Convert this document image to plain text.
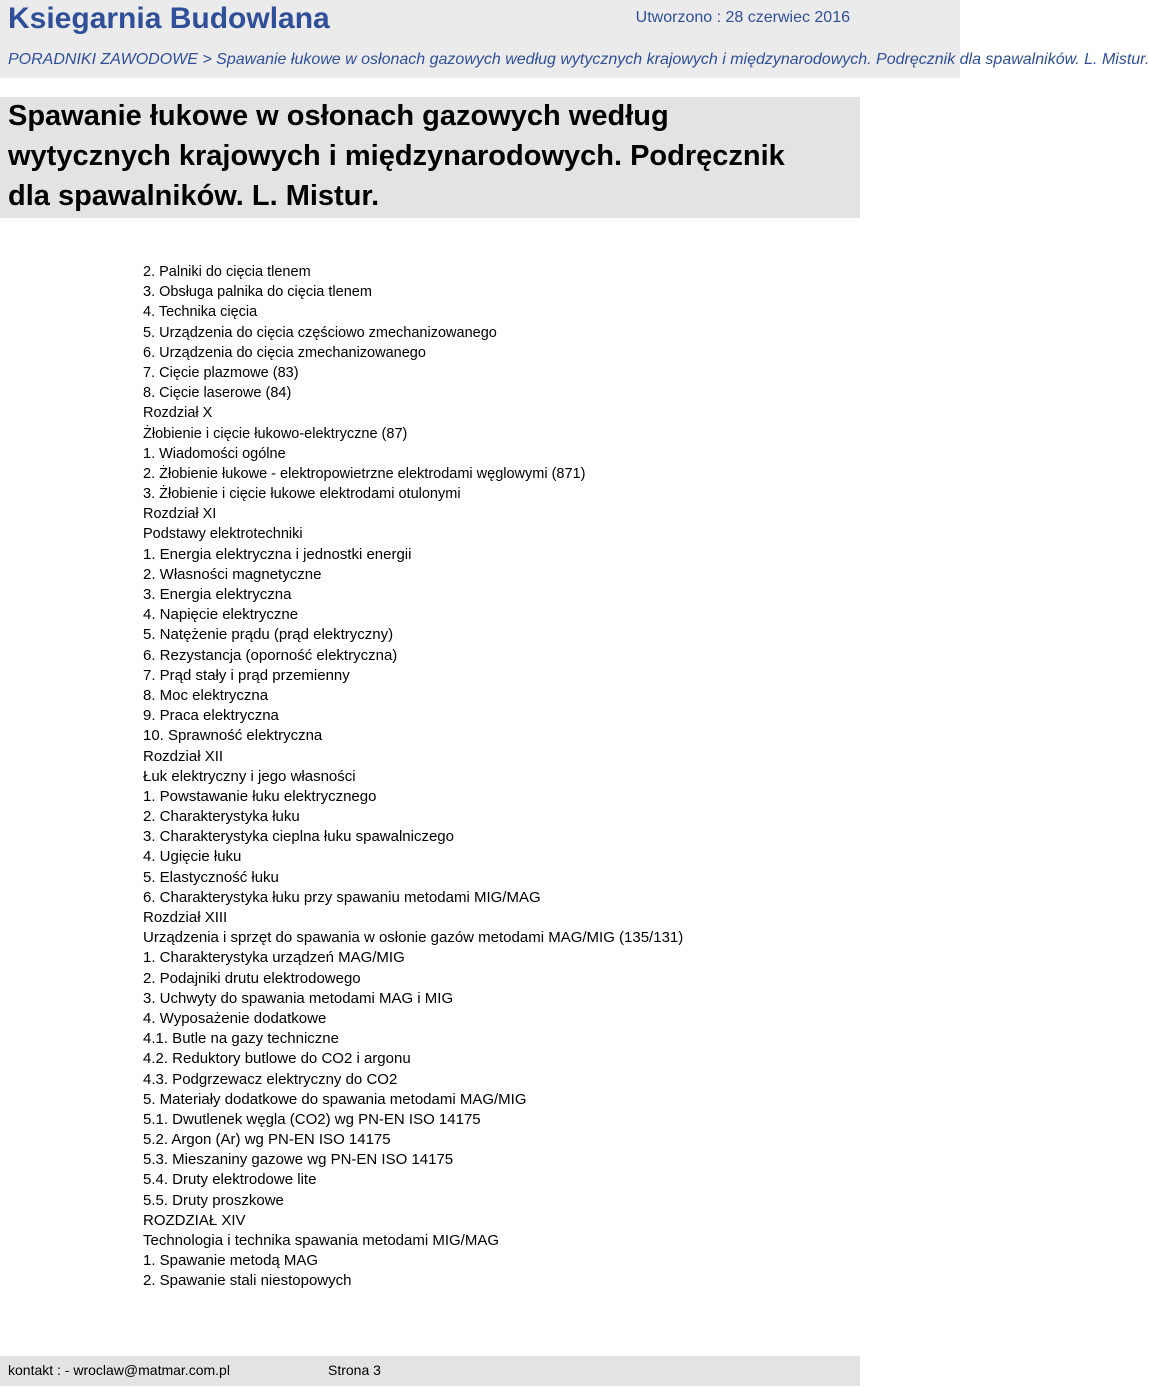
Ksiegarnia Budowlana	Utworzono : 28 czerwiec 2016
PORADNIKI ZAWODOWE > Spawanie łukowe w osłonach gazowych według wytycznych krajowych i międzynarodowych. Podręcznik dla spawalników. L. Mistur.
Spawanie łukowe w osłonach gazowych według wytycznych krajowych i międzynarodowych. Podręcznik dla spawalników. L. Mistur.
2. Palniki do cięcia tlenem
3. Obsługa palnika do cięcia tlenem
4. Technika cięcia
5. Urządzenia do cięcia częściowo zmechanizowanego
6. Urządzenia do cięcia zmechanizowanego
7. Cięcie plazmowe (83)
8. Cięcie laserowe (84)
Rozdział X
Żłobienie i cięcie łukowo-elektryczne (87)
1. Wiadomości ogólne
2. Żłobienie łukowe - elektropowietrzne elektrodami węglowymi (871)
3. Żłobienie i cięcie łukowe elektrodami otulonymi
Rozdział XI
Podstawy elektrotechniki
1. Energia elektryczna i jednostki energii
2. Własności magnetyczne
3. Energia elektryczna
4. Napięcie elektryczne
5. Natężenie prądu (prąd elektryczny)
6. Rezystancja (oporność elektryczna)
7. Prąd stały i prąd przemienny
8. Moc elektryczna
9. Praca elektryczna
10. Sprawność elektryczna
Rozdział XII
Łuk elektryczny i jego własności
1. Powstawanie łuku elektrycznego
2. Charakterystyka łuku
3. Charakterystyka cieplna łuku spawalniczego
4. Ugięcie łuku
5. Elastyczność łuku
6. Charakterystyka łuku przy spawaniu metodami MIG/MAG
Rozdział XIII
Urządzenia i sprzęt do spawania w osłonie gazów metodami MAG/MIG (135/131)
1. Charakterystyka urządzeń MAG/MIG
2. Podajniki drutu elektrodowego
3. Uchwyty do spawania metodami MAG i MIG
4. Wyposażenie dodatkowe
4.1. Butle na gazy techniczne
4.2. Reduktory butlowe do CO2 i argonu
4.3. Podgrzewacz elektryczny do CO2
5. Materiały dodatkowe do spawania metodami MAG/MIG
5.1. Dwutlenek węgla (CO2) wg PN-EN ISO 14175
5.2. Argon (Ar) wg PN-EN ISO 14175
5.3. Mieszaniny gazowe wg PN-EN ISO 14175
5.4. Druty elektrodowe lite
5.5. Druty proszkowe
ROZDZIAŁ XIV
Technologia i technika spawania metodami MIG/MAG
1. Spawanie metodą MAG
2. Spawanie stali niestopowych
kontakt : - wroclaw@matmar.com.pl	Strona 3
